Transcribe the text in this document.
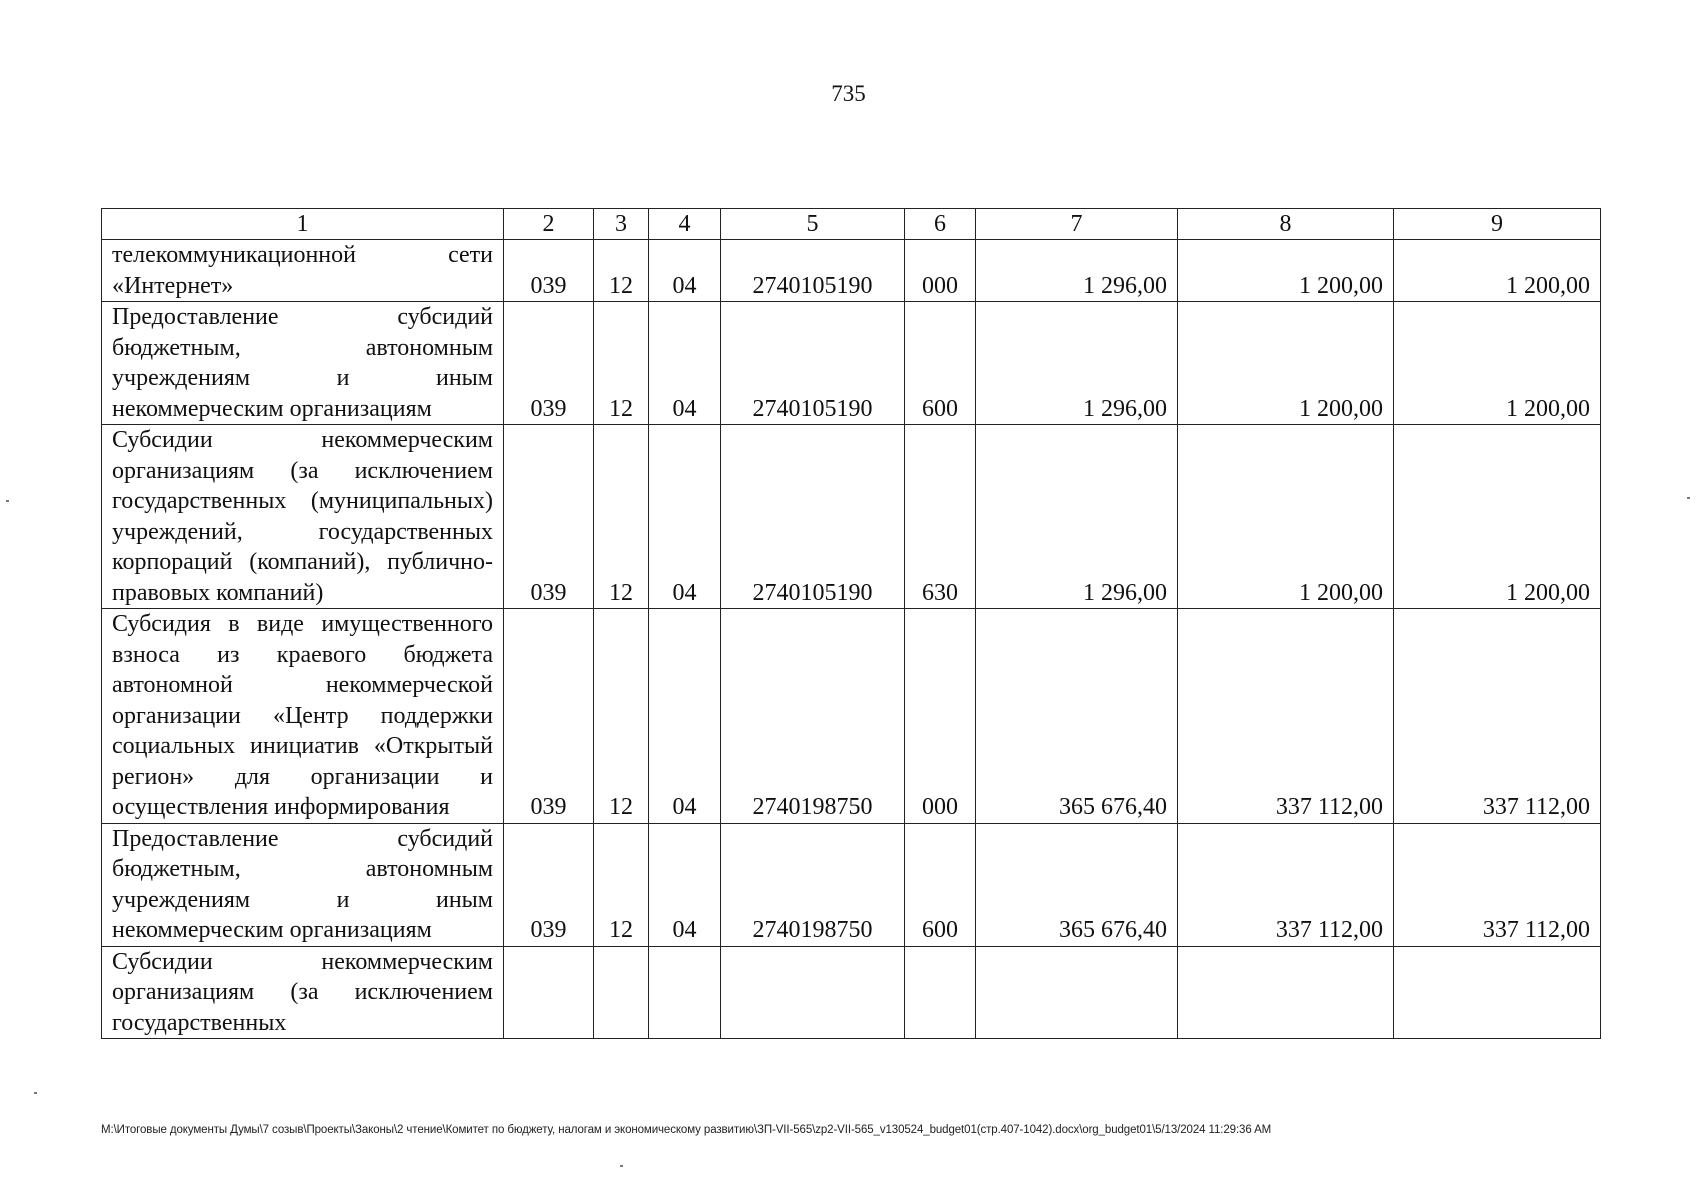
735
1	2	3	4	5	6	7	8	9
телекоммуникационной сети «Интернет»	039	12	04	2740105190	000	1 296,00	1 200,00	1 200,00
Предоставление субсидий бюджетным, автономным учреждениям и иным некоммерческим организациям	039	12	04	2740105190	600	1 296,00	1 200,00	1 200,00
Субсидии некоммерческим организациям (за исключением государственных (муниципальных) учреждений, государственных корпораций (компаний), публично-правовых компаний)	039	12	04	2740105190	630	1 296,00	1 200,00	1 200,00
Субсидия в виде имущественного взноса из краевого бюджета автономной некоммерческой организации «Центр поддержки социальных инициатив «Открытый регион» для организации и осуществления информирования	039	12	04	2740198750	000	365 676,40	337 112,00	337 112,00
Предоставление субсидий бюджетным, автономным учреждениям и иным некоммерческим организациям	039	12	04	2740198750	600	365 676,40	337 112,00	337 112,00
Субсидии некоммерческим организациям (за исключением государственных								
M:\Итоговые документы Думы\7 созыв\Проекты\Законы\2 чтение\Комитет по бюджету, налогам и экономическому развитию\ЗП-VII-565\zp2-VII-565_v130524_budget01(стр.407-1042).docx\org_budget01\5/13/2024 11:29:36 AM
